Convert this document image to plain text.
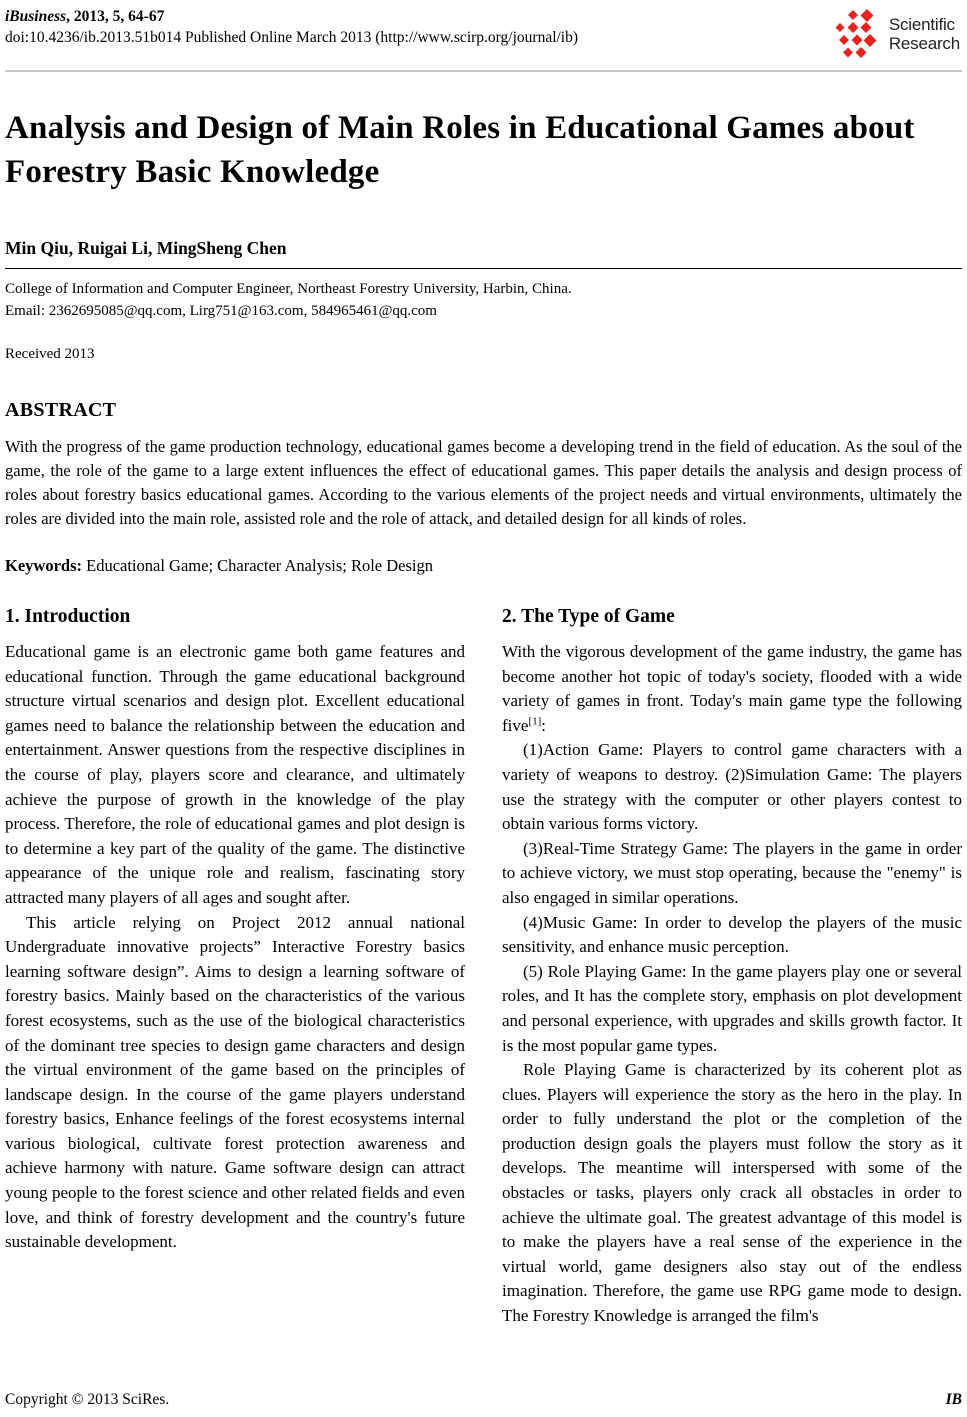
iBusiness, 2013, 5, 64-67
doi:10.4236/ib.2013.51b014 Published Online March 2013 (http://www.scirp.org/journal/ib)
Scientific
Research
Analysis and Design of Main Roles in Educational Games about Forestry Basic Knowledge
Min Qiu, Ruigai Li, MingSheng Chen
College of Information and Computer Engineer, Northeast Forestry University, Harbin, China.
Email: 2362695085@qq.com, Lirg751@163.com, 584965461@qq.com
Received 2013
ABSTRACT
With the progress of the game production technology, educational games become a developing trend in the field of education. As the soul of the game, the role of the game to a large extent influences the effect of educational games. This paper details the analysis and design process of roles about forestry basics educational games. According to the various elements of the project needs and virtual environments, ultimately the roles are divided into the main role, assisted role and the role of attack, and detailed design for all kinds of roles.
Keywords: Educational Game; Character Analysis; Role Design
1. Introduction

Educational game is an electronic game both game features and educational function. Through the game educational background structure virtual scenarios and design plot. Excellent educational games need to balance the relationship between the education and entertainment. Answer questions from the respective disciplines in the course of play, players score and clearance, and ultimately achieve the purpose of growth in the knowledge of the play process. Therefore, the role of educational games and plot design is to determine a key part of the quality of the game. The distinctive appearance of the unique role and realism, fascinating story attracted many players of all ages and sought after.

This article relying on Project 2012 annual national Undergraduate innovative projects” Interactive Forestry basics learning software design”. Aims to design a learning software of forestry basics. Mainly based on the characteristics of the various forest ecosystems, such as the use of the biological characteristics of the dominant tree species to design game characters and design the virtual environment of the game based on the principles of landscape design. In the course of the game players understand forestry basics, Enhance feelings of the forest ecosystems internal various biological, cultivate forest protection awareness and achieve harmony with nature. Game software design can attract young people to the forest science and other related fields and even love, and think of forestry development and the country's future sustainable development.

2. The Type of Game

With the vigorous development of the game industry, the game has become another hot topic of today's society, flooded with a wide variety of games in front. Today's main game type the following five[1]:

(1)Action Game: Players to control game characters with a variety of weapons to destroy. (2)Simulation Game: The players use the strategy with the computer or other players contest to obtain various forms victory.

(3)Real-Time Strategy Game: The players in the game in order to achieve victory, we must stop operating, because the "enemy" is also engaged in similar operations.

(4)Music Game: In order to develop the players of the music sensitivity, and enhance music perception.

(5) Role Playing Game: In the game players play one or several roles, and It has the complete story, emphasis on plot development and personal experience, with upgrades and skills growth factor. It is the most popular game types.

Role Playing Game is characterized by its coherent plot as clues. Players will experience the story as the hero in the play. In order to fully understand the plot or the completion of the production design goals the players must follow the story as it develops. The meantime will interspersed with some of the obstacles or tasks, players only crack all obstacles in order to achieve the ultimate goal. The greatest advantage of this model is to make the players have a real sense of the experience in the virtual world, game designers also stay out of the endless imagination. Therefore, the game use RPG game mode to design. The Forestry Knowledge is arranged the film's

Copyright © 2013 SciRes.	IB
